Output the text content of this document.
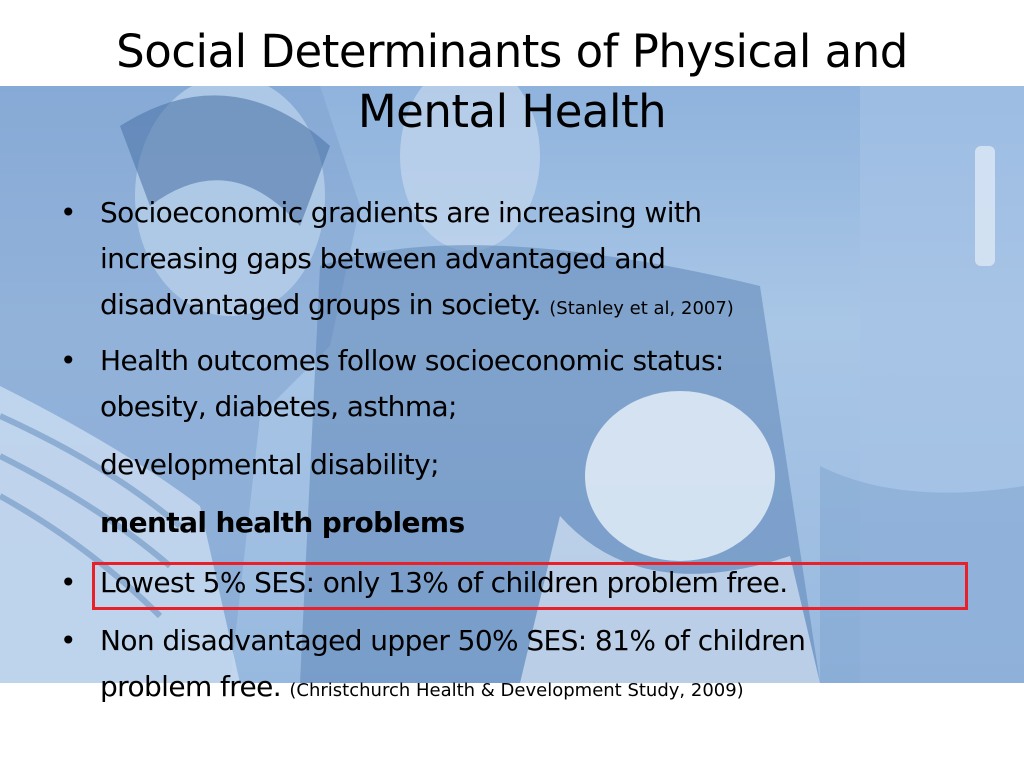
Social Determinants of Physical and
Mental Health
• Socioeconomic gradients are increasing with
increasing gaps between advantaged and
disadvantaged groups in society. (Stanley et al, 2007)
• Health outcomes follow socioeconomic status:
obesity, diabetes, asthma;
developmental disability;
mental health problems
• Lowest 5% SES: only 13% of children problem free.
• Non disadvantaged upper 50% SES: 81% of children
problem free. (Christchurch Health & Development Study, 2009)
